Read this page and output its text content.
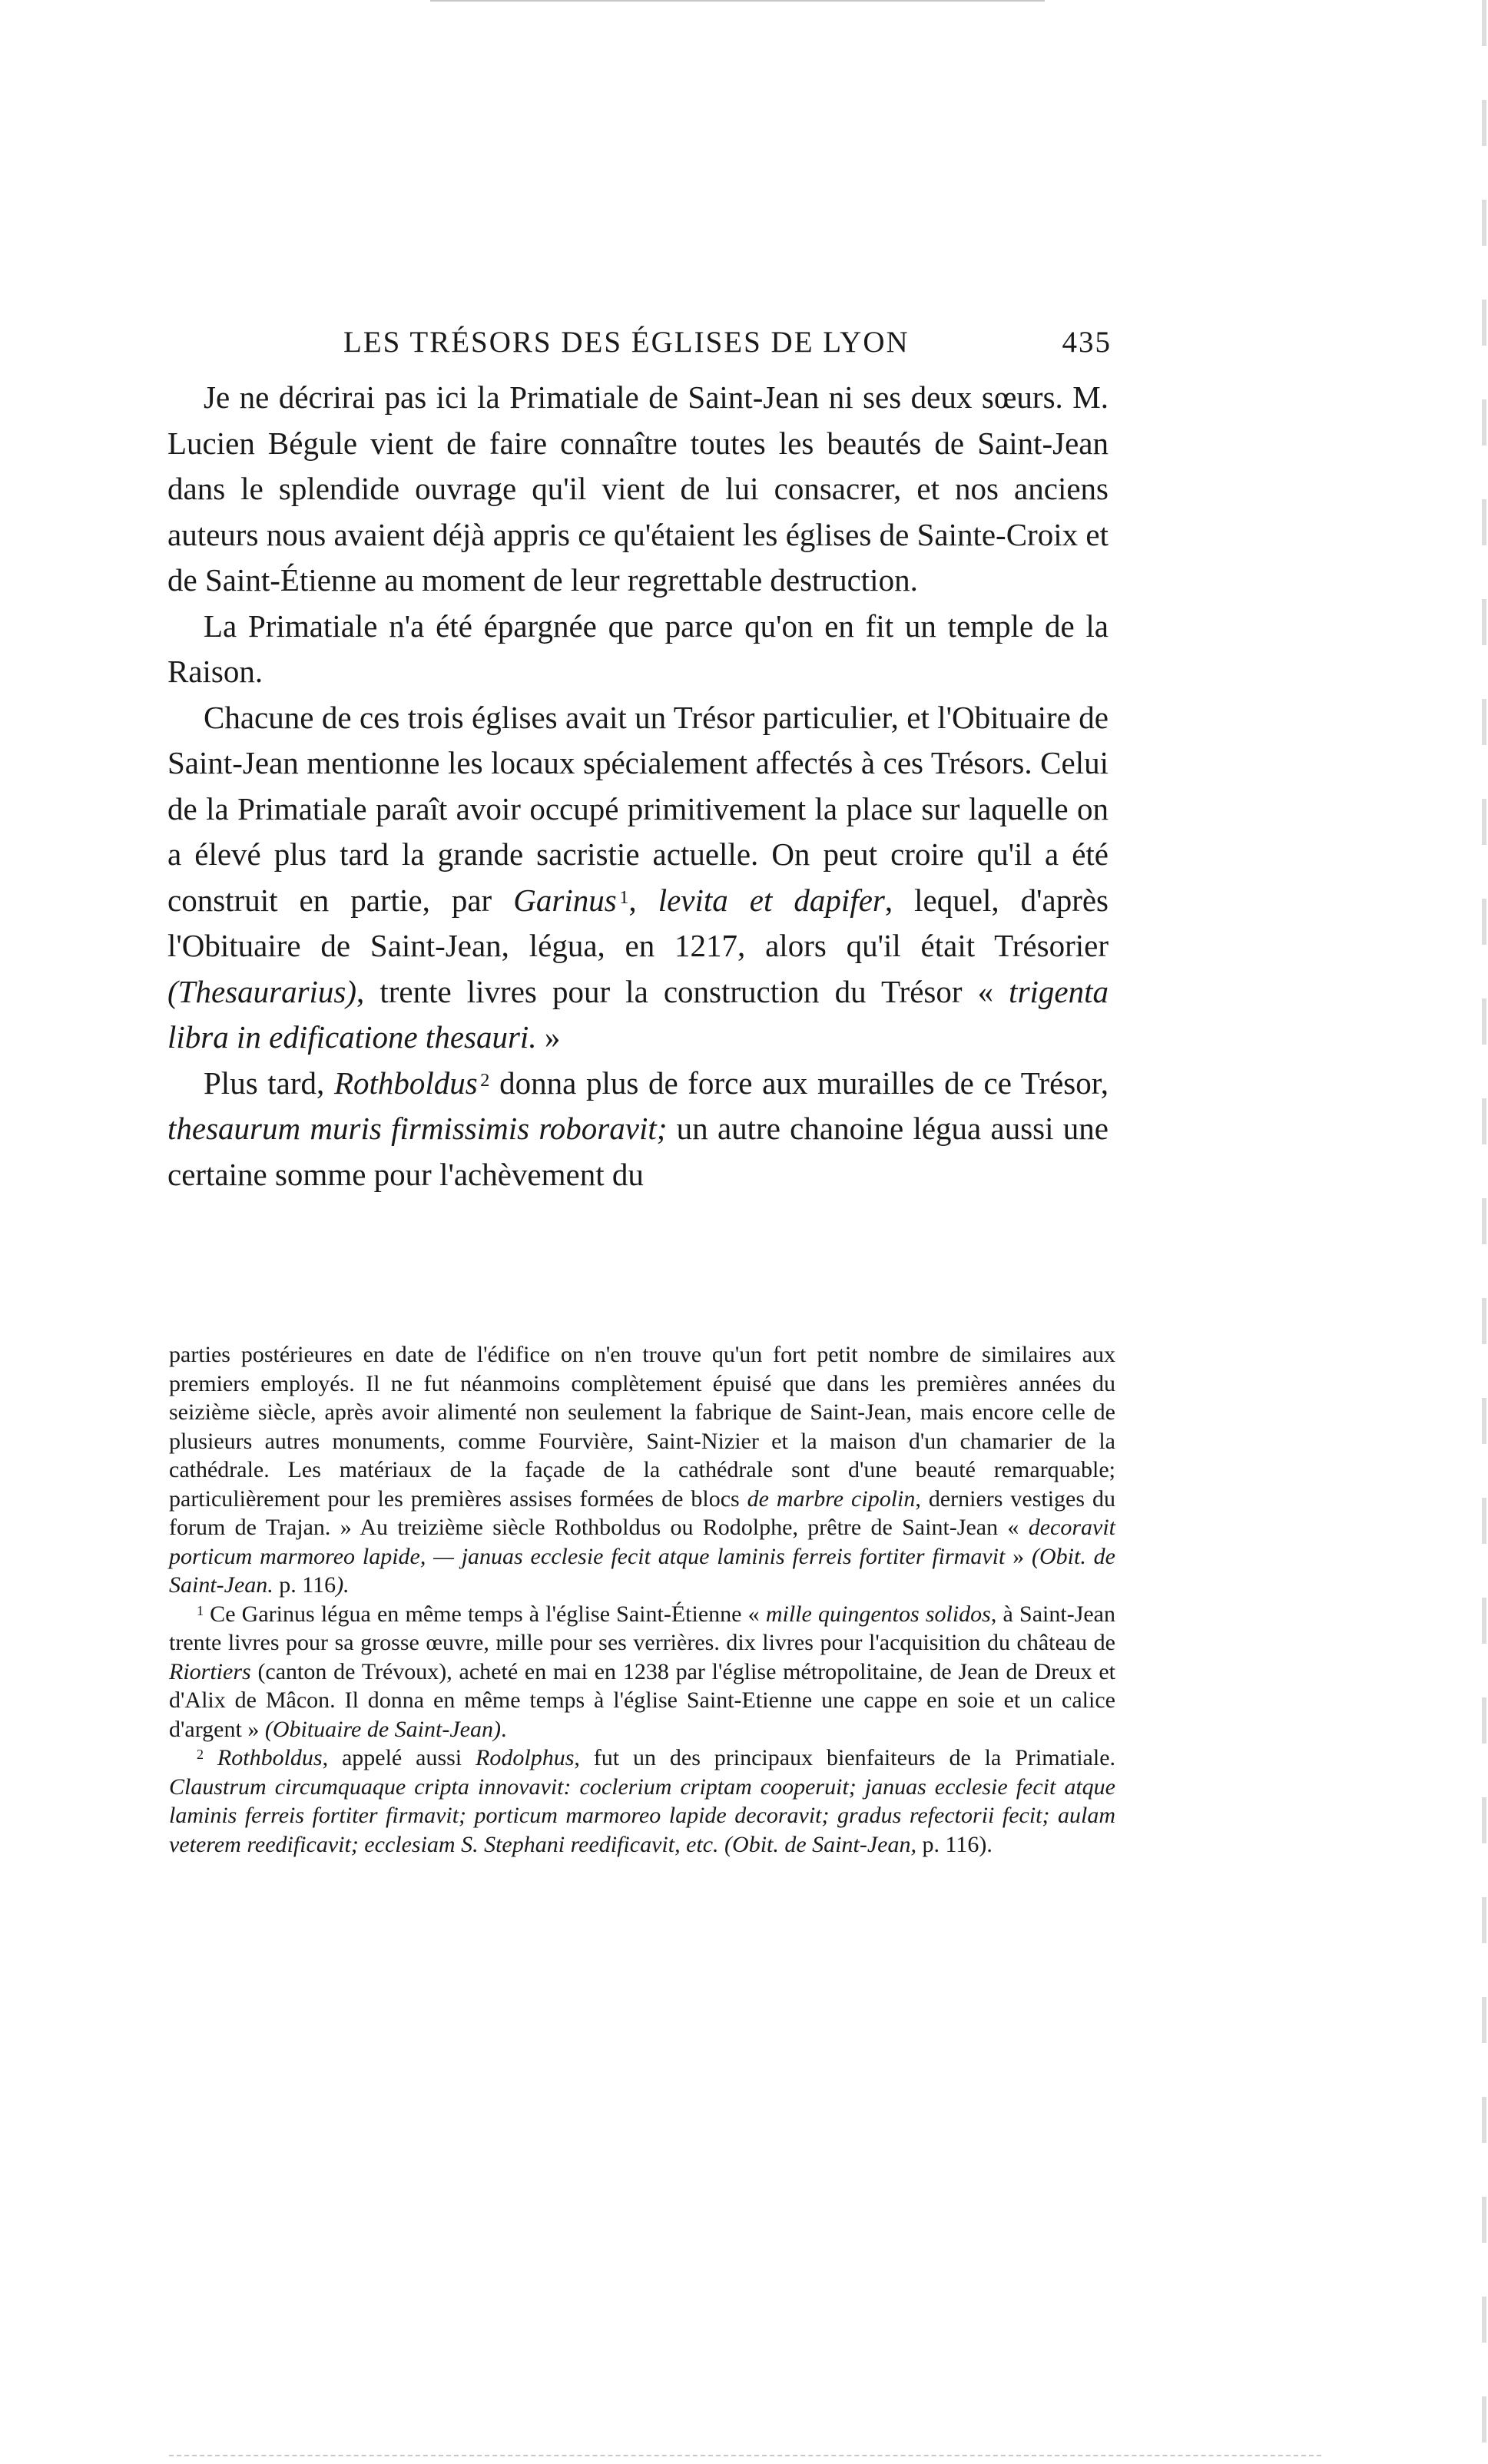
LES TRÉSORS DES ÉGLISES DE LYON	435

Je ne décrirai pas ici la Primatiale de Saint-Jean ni ses deux sœurs. M. Lucien Bégule vient de faire connaître toutes les beautés de Saint-Jean dans le splendide ouvrage qu'il vient de lui consacrer, et nos anciens auteurs nous avaient déjà appris ce qu'étaient les églises de Sainte-Croix et de Saint-Étienne au moment de leur regrettable destruction.

La Primatiale n'a été épargnée que parce qu'on en fit un temple de la Raison.

Chacune de ces trois églises avait un Trésor particulier, et l'Obituaire de Saint-Jean mentionne les locaux spécialement affectés à ces Trésors. Celui de la Primatiale paraît avoir occupé primitivement la place sur laquelle on a élevé plus tard la grande sacristie actuelle. On peut croire qu'il a été construit en partie, par Garinus  $^1$, levita et dapifer, lequel, d'après l'Obituaire de Saint-Jean, légua, en 1217, alors qu'il était Trésorier (Thesaurarius), trente livres pour la construction du Trésor « trigenta libra in edificatione thesauri. »

Plus tard, Rothboldus  $^2$ donna plus de force aux murailles de ce Trésor, thesaurum muris firmissimis roboravit; un autre chanoine légua aussi une certaine somme pour l'achèvement du

parties postérieures en date de l'édifice on n'en trouve qu'un fort petit nombre de similaires aux premiers employés. Il ne fut néanmoins complètement épuisé que dans les premières années du seizième siècle, après avoir alimenté non seulement la fabrique de Saint-Jean, mais encore celle de plusieurs autres monuments, comme Fourvière, Saint-Nizier et la maison d'un chamarier de la cathédrale. Les matériaux de la façade de la cathédrale sont d'une beauté remarquable; particulièrement pour les premières assises formées de blocs de marbre cipolin, derniers vestiges du forum de Trajan. » Au treizième siècle Rothboldus ou Rodolphe, prêtre de Saint-Jean « decoravit porticum marmoreo lapide, — januas ecclesie fecit atque laminis ferreis fortiter firmavit » (Obit. de Saint-Jean. p. 116).

$^1$ Ce Garinus légua en même temps à l'église Saint-Étienne « mille quingentos solidos, à Saint-Jean trente livres pour sa grosse œuvre, mille pour ses verrières. dix livres pour l'acquisition du château de Riortiers (canton de Trévoux), acheté en mai en 1238 par l'église métropolitaine, de Jean de Dreux et d'Alix de Mâcon. Il donna en même temps à l'église Saint-Etienne une cappe en soie et un calice d'argent » (Obituaire de Saint-Jean).

$^2$ Rothboldus, appelé aussi Rodolphus, fut un des principaux bienfaiteurs de la Primatiale. Claustrum circumquaque cripta innovavit: coclerium criptam cooperuit; januas ecclesie fecit atque laminis ferreis fortiter firmavit; porticum marmoreo lapide decoravit; gradus refectorii fecit; aulam veterem reedificavit; ecclesiam S. Stephani reedificavit, etc. (Obit. de Saint-Jean, p. 116).
